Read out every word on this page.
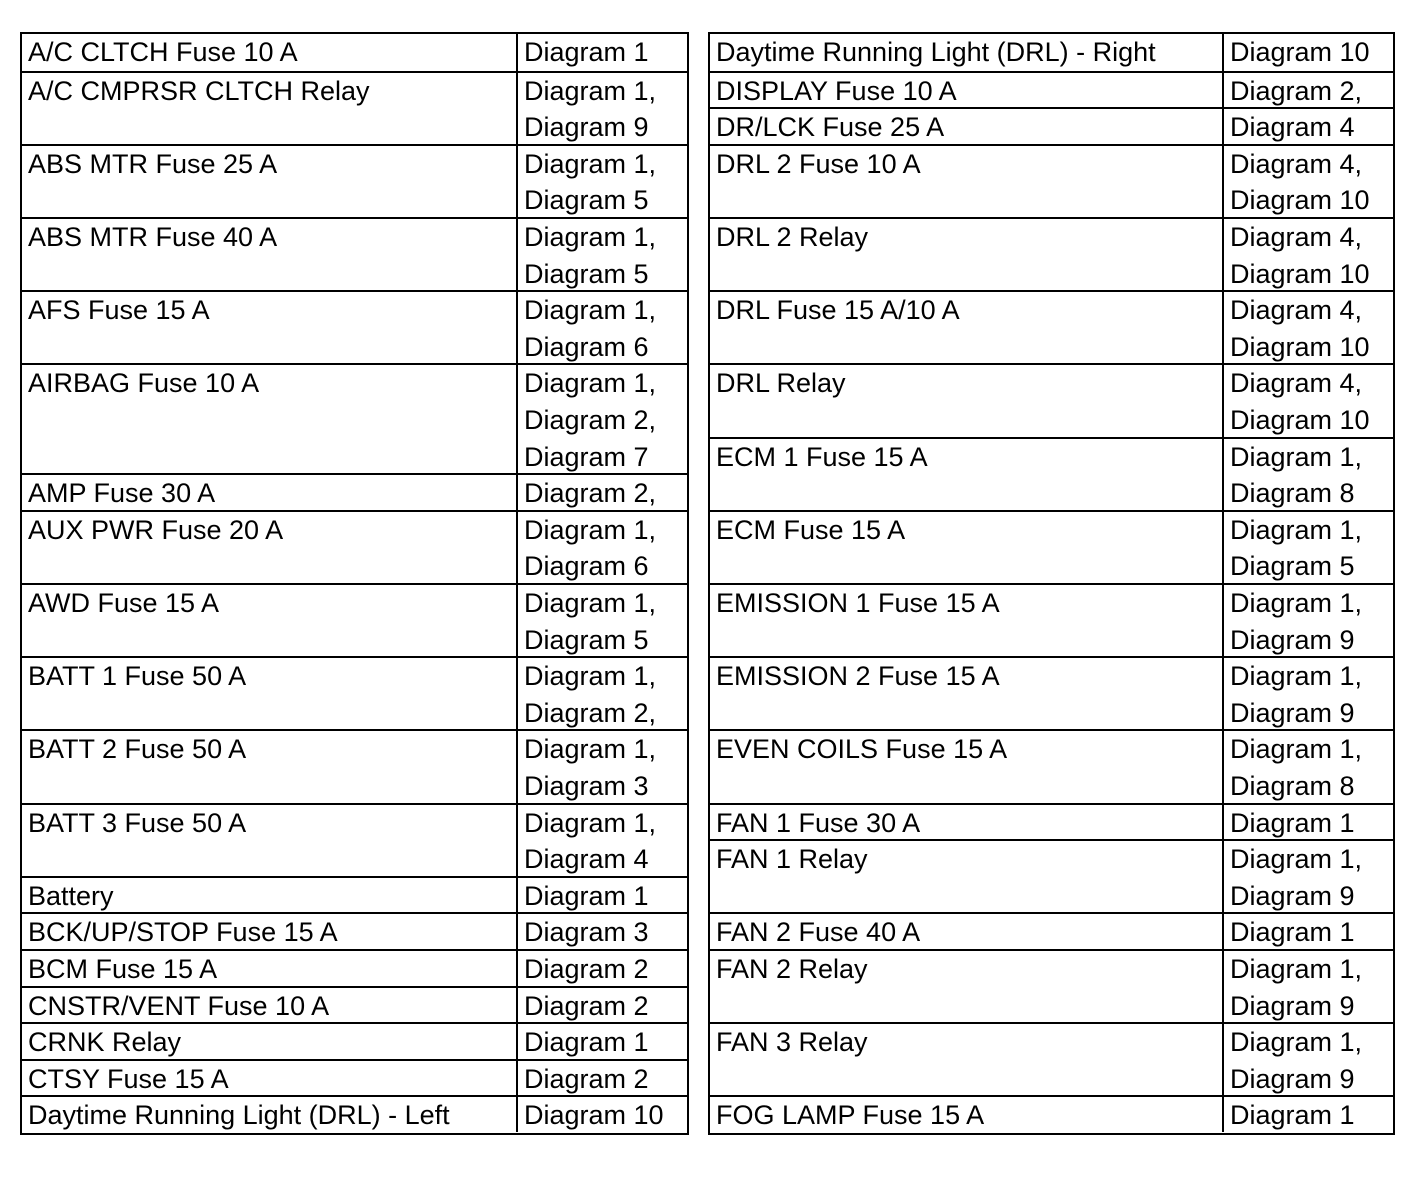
A/C CLTCH Fuse 10 A	Diagram 1
A/C CMPRSR CLTCH Relay	Diagram 1,
Diagram 9
ABS MTR Fuse 25 A	Diagram 1,
Diagram 5
ABS MTR Fuse 40 A	Diagram 1,
Diagram 5
AFS Fuse 15 A	Diagram 1,
Diagram 6
AIRBAG Fuse 10 A	Diagram 1,
Diagram 2,
Diagram 7
AMP Fuse 30 A	Diagram 2,
AUX PWR Fuse 20 A	Diagram 1,
Diagram 6
AWD Fuse 15 A	Diagram 1,
Diagram 5
BATT 1 Fuse 50 A	Diagram 1,
Diagram 2,
BATT 2 Fuse 50 A	Diagram 1,
Diagram 3
BATT 3 Fuse 50 A	Diagram 1,
Diagram 4
Battery	Diagram 1
BCK/UP/STOP Fuse 15 A	Diagram 3
BCM Fuse 15 A	Diagram 2
CNSTR/VENT Fuse 10 A	Diagram 2
CRNK Relay	Diagram 1
CTSY Fuse 15 A	Diagram 2
Daytime Running Light (DRL) - Left	Diagram 10
Daytime Running Light (DRL) - Right	Diagram 10
DISPLAY Fuse 10 A	Diagram 2,
DR/LCK Fuse 25 A	Diagram 4
DRL 2 Fuse 10 A	Diagram 4,
Diagram 10
DRL 2 Relay	Diagram 4,
Diagram 10
DRL Fuse 15 A/10 A	Diagram 4,
Diagram 10
DRL Relay	Diagram 4,
Diagram 10
ECM 1 Fuse 15 A	Diagram 1,
Diagram 8
ECM Fuse 15 A	Diagram 1,
Diagram 5
EMISSION 1 Fuse 15 A	Diagram 1,
Diagram 9
EMISSION 2 Fuse 15 A	Diagram 1,
Diagram 9
EVEN COILS Fuse 15 A	Diagram 1,
Diagram 8
FAN 1 Fuse 30 A	Diagram 1
FAN 1 Relay	Diagram 1,
Diagram 9
FAN 2 Fuse 40 A	Diagram 1
FAN 2 Relay	Diagram 1,
Diagram 9
FAN 3 Relay	Diagram 1,
Diagram 9
FOG LAMP Fuse 15 A	Diagram 1
